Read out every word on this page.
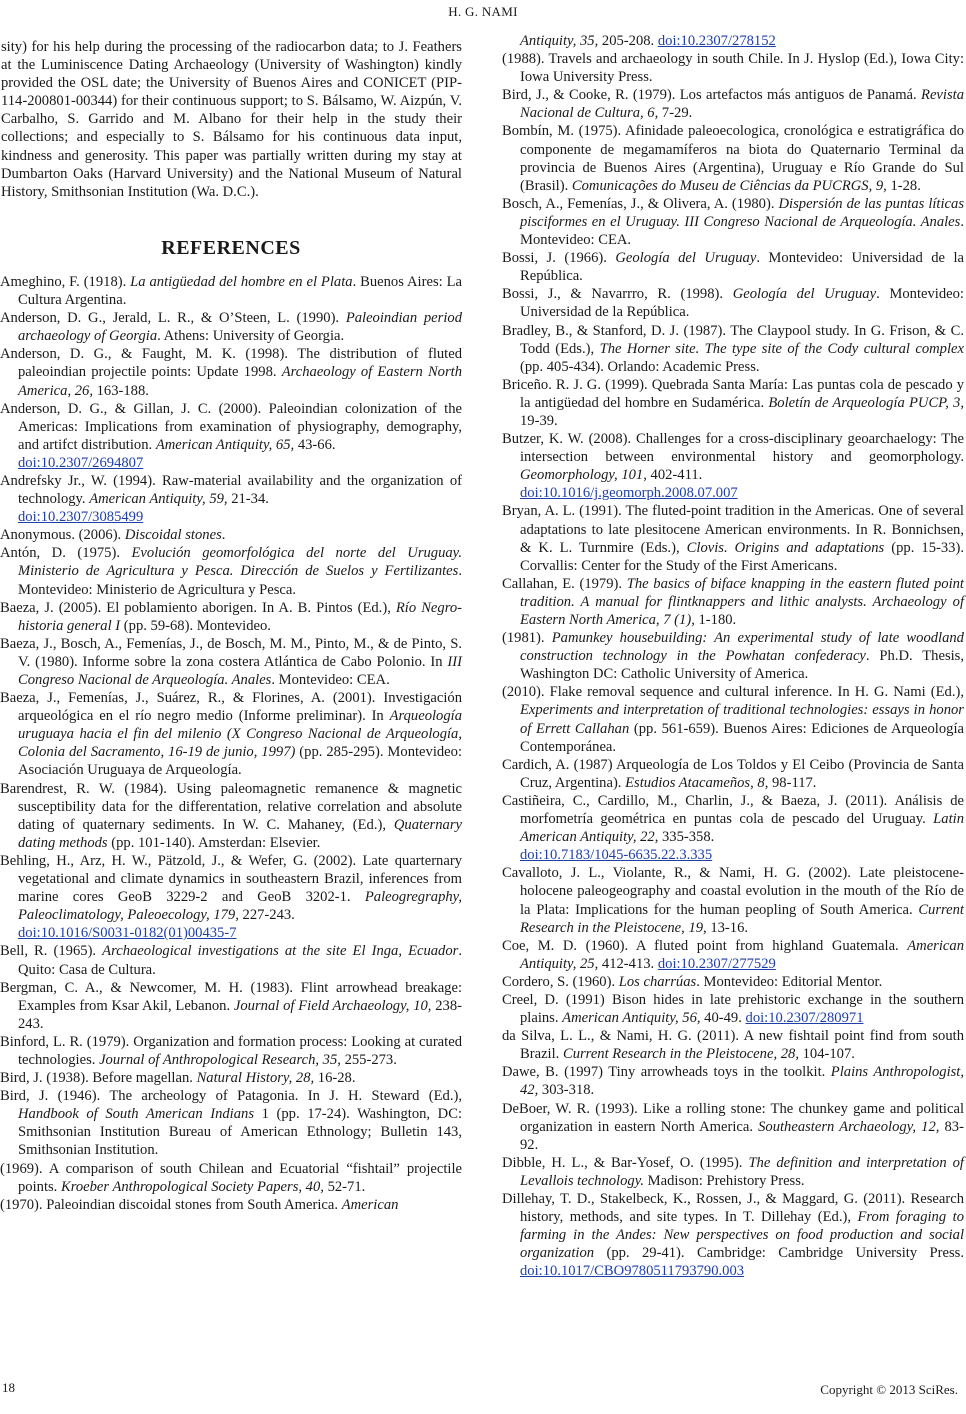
H. G. NAMI

sity) for his help during the processing of the radiocarbon data; to J. Feathers at the Luminiscence Dating Archaeology (University of Washington) kindly provided the OSL date; the University of Buenos Aires and CONICET (PIP-114-200801-00344) for their continuous support; to S. Bálsamo, W. Aizpún, V. Carbalho, S. Garrido and M. Albano for their help in the study their collections; and especially to S. Bálsamo for his continuous data input, kindness and generosity. This paper was partially written during my stay at Dumbarton Oaks (Harvard University) and the National Museum of Natural History, Smithsonian Institution (Wa. D.C.).

REFERENCES

Ameghino, F. (1918). La antigüedad del hombre en el Plata. Buenos Aires: La Cultura Argentina.

Anderson, D. G., Jerald, L. R., & O’Steen, L. (1990). Paleoindian period archaeology of Georgia. Athens: University of Georgia.

Anderson, D. G., & Faught, M. K. (1998). The distribution of fluted paleoindian projectile points: Update 1998. Archaeology of Eastern North America, 26, 163-188.

Anderson, D. G., & Gillan, J. C. (2000). Paleoindian colonization of the Americas: Implications from examination of physiography, demography, and artifct distribution. American Antiquity, 65, 43-66.
doi:10.2307/2694807

Andrefsky Jr., W. (1994). Raw-material availability and the organization of technology. American Antiquity, 59, 21-34.
doi:10.2307/3085499

Anonymous. (2006). Discoidal stones.

Antón, D. (1975). Evolución geomorfológica del norte del Uruguay. Ministerio de Agricultura y Pesca. Dirección de Suelos y Fertilizantes. Montevideo: Ministerio de Agricultura y Pesca.

Baeza, J. (2005). El poblamiento aborigen. In A. B. Pintos (Ed.), Río Negro-historia general I (pp. 59-68). Montevideo.

Baeza, J., Bosch, A., Femenías, J., de Bosch, M. M., Pinto, M., & de Pinto, S. V. (1980). Informe sobre la zona costera Atlántica de Cabo Polonio. In III Congreso Nacional de Arqueología. Anales. Montevideo: CEA.

Baeza, J., Femenías, J., Suárez, R., & Florines, A. (2001). Investigación arqueológica en el río negro medio (Informe preliminar). In Arqueología uruguaya hacia el fin del milenio (X Congreso Nacional de Arqueología, Colonia del Sacramento, 16-19 de junio, 1997) (pp. 285-295). Montevideo: Asociación Uruguaya de Arqueología.

Barendrest, R. W. (1984). Using paleomagnetic remanence & magnetic susceptibility data for the differentation, relative correlation and absolute dating of quaternary sediments. In W. C. Mahaney, (Ed.), Quaternary dating methods (pp. 101-140). Amsterdan: Elsevier.

Behling, H., Arz, H. W., Pätzold, J., & Wefer, G. (2002). Late quarternary vegetational and climate dynamics in southeastern Brazil, inferences from marine cores GeoB 3229-2 and GeoB 3202-1. Paleogregraphy, Paleoclimatology, Paleoecology, 179, 227-243.
doi:10.1016/S0031-0182(01)00435-7

Bell, R. (1965). Archaeological investigations at the site El Inga, Ecuador. Quito: Casa de Cultura.

Bergman, C. A., & Newcomer, M. H. (1983). Flint arrowhead breakage: Examples from Ksar Akil, Lebanon. Journal of Field Archaeology, 10, 238-243.

Binford, L. R. (1979). Organization and formation process: Looking at curated technologies. Journal of Anthropological Research, 35, 255-273.

Bird, J. (1938). Before magellan. Natural History, 28, 16-28.

Bird, J. (1946). The archeology of Patagonia. In J. H. Steward (Ed.), Handbook of South American Indians 1 (pp. 17-24). Washington, DC: Smithsonian Institution Bureau of American Ethnology; Bulletin 143, Smithsonian Institution.

(1969). A comparison of south Chilean and Ecuatorial “fishtail” projectile points. Kroeber Anthropological Society Papers, 40, 52-71.

(1970). Paleoindian discoidal stones from South America. American

Antiquity, 35, 205-208. doi:10.2307/278152

(1988). Travels and archaeology in south Chile. In J. Hyslop (Ed.), Iowa City: Iowa University Press.

Bird, J., & Cooke, R. (1979). Los artefactos más antiguos de Panamá. Revista Nacional de Cultura, 6, 7-29.

Bombín, M. (1975). Afinidade paleoecologica, cronológica e estratigráfica do componente de megamamíferos na biota do Quaternario Terminal da provincia de Buenos Aires (Argentina), Uruguay e Río Grande do Sul (Brasil). Comunicações do Museu de Ciências da PUCRGS, 9, 1-28.

Bosch, A., Femenías, J., & Olivera, A. (1980). Dispersión de las puntas líticas pisciformes en el Uruguay. III Congreso Nacional de Arqueología. Anales. Montevideo: CEA.

Bossi, J. (1966). Geología del Uruguay. Montevideo: Universidad de la República.

Bossi, J., & Navarrro, R. (1998). Geología del Uruguay. Montevideo: Universidad de la República.

Bradley, B., & Stanford, D. J. (1987). The Claypool study. In G. Frison, & C. Todd (Eds.), The Horner site. The type site of the Cody cultural complex (pp. 405-434). Orlando: Academic Press.

Briceño. R. J. G. (1999). Quebrada Santa María: Las puntas cola de pescado y la antigüedad del hombre en Sudamérica. Boletín de Arqueología PUCP, 3, 19-39.

Butzer, K. W. (2008). Challenges for a cross-disciplinary geoarchaelogy: The intersection between environmental history and geomorphology. Geomorphology, 101, 402-411.
doi:10.1016/j.geomorph.2008.07.007

Bryan, A. L. (1991). The fluted-point tradition in the Americas. One of several adaptations to late plesitocene American environments. In R. Bonnichsen, & K. L. Turnmire (Eds.), Clovis. Origins and adaptations (pp. 15-33). Corvallis: Center for the Study of the First Americans.

Callahan, E. (1979). The basics of biface knapping in the eastern fluted point tradition. A manual for flintknappers and lithic analysts. Archaeology of Eastern North America, 7 (1), 1-180.

(1981). Pamunkey housebuilding: An experimental study of late woodland construction technology in the Powhatan confederacy. Ph.D. Thesis, Washington DC: Catholic University of America.

(2010). Flake removal sequence and cultural inference. In H. G. Nami (Ed.), Experiments and interpretation of traditional technologies: essays in honor of Errett Callahan (pp. 561-659). Buenos Aires: Ediciones de Arqueología Contemporánea.

Cardich, A. (1987) Arqueología de Los Toldos y El Ceibo (Provincia de Santa Cruz, Argentina). Estudios Atacameños, 8, 98-117.

Castiñeira, C., Cardillo, M., Charlin, J., & Baeza, J. (2011). Análisis de morfometría geométrica en puntas cola de pescado del Uruguay. Latin American Antiquity, 22, 335-358.
doi:10.7183/1045-6635.22.3.335

Cavalloto, J. L., Violante, R., & Nami, H. G. (2002). Late pleistocene-holocene paleogeography and coastal evolution in the mouth of the Río de la Plata: Implications for the human peopling of South America. Current Research in the Pleistocene, 19, 13-16.

Coe, M. D. (1960). A fluted point from highland Guatemala. American Antiquity, 25, 412-413. doi:10.2307/277529

Cordero, S. (1960). Los charrúas. Montevideo: Editorial Mentor.

Creel, D. (1991) Bison hides in late prehistoric exchange in the southern plains. American Antiquity, 56, 40-49. doi:10.2307/280971

da Silva, L. L., & Nami, H. G. (2011). A new fishtail point find from south Brazil. Current Research in the Pleistocene, 28, 104-107.

Dawe, B. (1997) Tiny arrowheads toys in the toolkit. Plains Anthropologist, 42, 303-318.

DeBoer, W. R. (1993). Like a rolling stone: The chunkey game and political organization in eastern North America. Southeastern Archaeology, 12, 83-92.

Dibble, H. L., & Bar-Yosef, O. (1995). The definition and interpretation of Levallois technology. Madison: Prehistory Press.

Dillehay, T. D., Stakelbeck, K., Rossen, J., & Maggard, G. (2011). Research history, methods, and site types. In T. Dillehay (Ed.), From foraging to farming in the Andes: New perspectives on food production and social organization (pp. 29-41). Cambridge: Cambridge University Press. doi:10.1017/CBO9780511793790.003

18	Copyright © 2013 SciRes.
